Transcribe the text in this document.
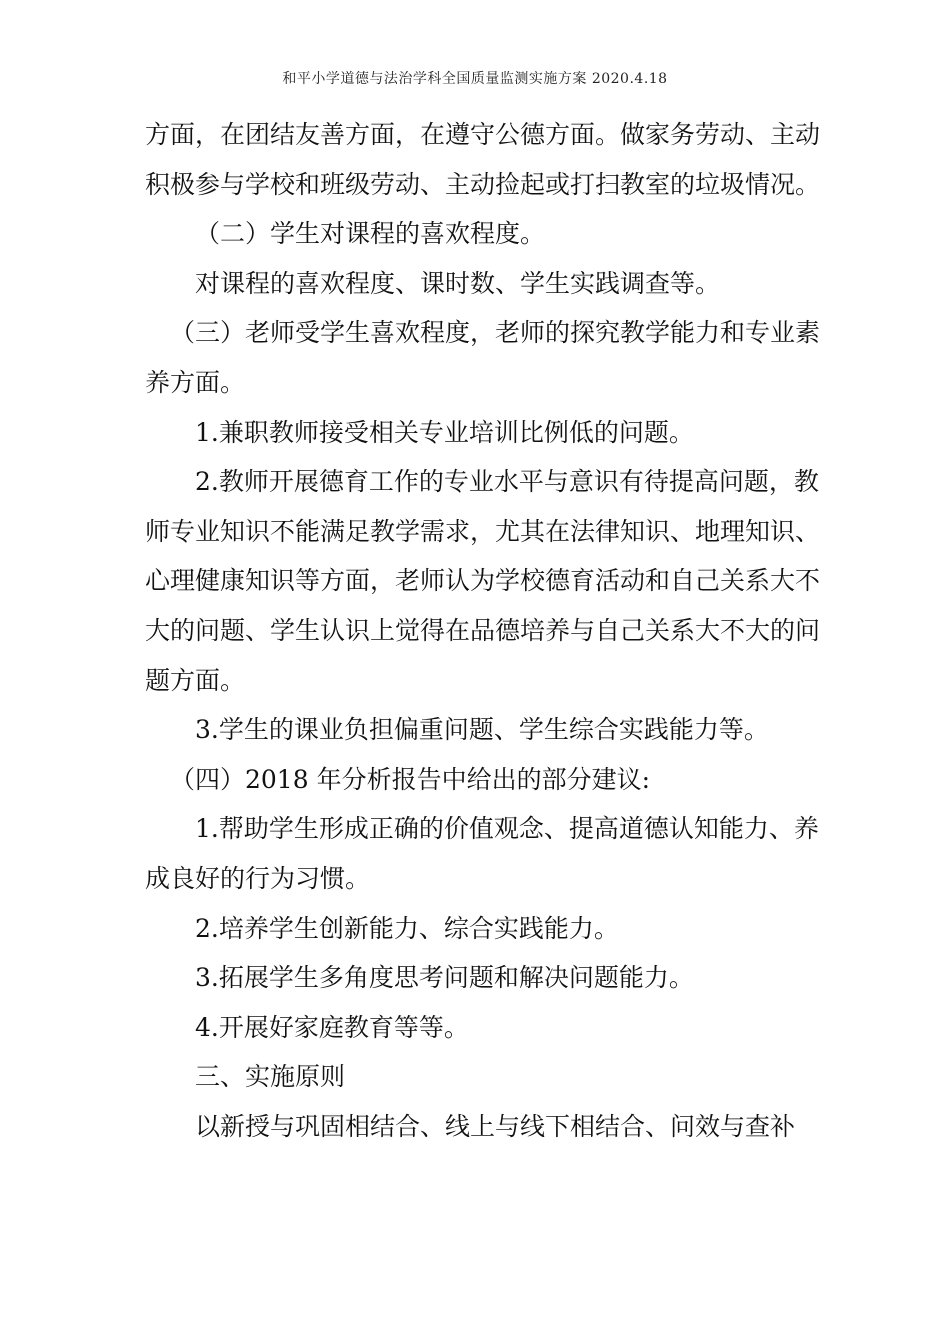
和平小学道德与法治学科全国质量监测实施方案 2020.4.18

方面，在团结友善方面，在遵守公德方面。做家务劳动、主动积极参与学校和班级劳动、主动捡起或打扫教室的垃圾情况。

（二）学生对课程的喜欢程度。

对课程的喜欢程度、课时数、学生实践调查等。

（三）老师受学生喜欢程度，老师的探究教学能力和专业素养方面。

1.兼职教师接受相关专业培训比例低的问题。

2.教师开展德育工作的专业水平与意识有待提高问题，教师专业知识不能满足教学需求，尤其在法律知识、地理知识、心理健康知识等方面，老师认为学校德育活动和自己关系大不大的问题、学生认识上觉得在品德培养与自己关系大不大的问题方面。

3.学生的课业负担偏重问题、学生综合实践能力等。

（四）2018 年分析报告中给出的部分建议:

1.帮助学生形成正确的价值观念、提高道德认知能力、养成良好的行为习惯。

2.培养学生创新能力、综合实践能力。

3.拓展学生多角度思考问题和解决问题能力。

4.开展好家庭教育等等。

三、实施原则

以新授与巩固相结合、线上与线下相结合、问效与查补
